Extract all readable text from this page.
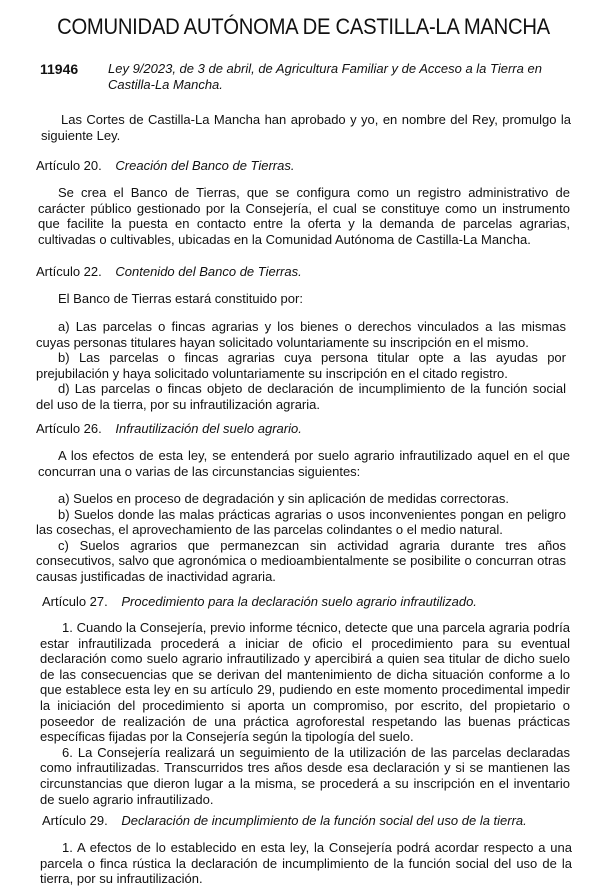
COMUNIDAD AUTÓNOMA DE CASTILLA-LA MANCHA
11946 Ley 9/2023, de 3 de abril, de Agricultura Familiar y de Acceso a la Tierra en Castilla-La Mancha.
Las Cortes de Castilla-La Mancha han aprobado y yo, en nombre del Rey, promulgo la siguiente Ley.
Artículo 20. Creación del Banco de Tierras.
Se crea el Banco de Tierras, que se configura como un registro administrativo de carácter público gestionado por la Consejería, el cual se constituye como un instrumento que facilite la puesta en contacto entre la oferta y la demanda de parcelas agrarias, cultivadas o cultivables, ubicadas en la Comunidad Autónoma de Castilla-La Mancha.
Artículo 22. Contenido del Banco de Tierras.
El Banco de Tierras estará constituido por:
a) Las parcelas o fincas agrarias y los bienes o derechos vinculados a las mismas cuyas personas titulares hayan solicitado voluntariamente su inscripción en el mismo.
b) Las parcelas o fincas agrarias cuya persona titular opte a las ayudas por prejubilación y haya solicitado voluntariamente su inscripción en el citado registro.
d) Las parcelas o fincas objeto de declaración de incumplimiento de la función social del uso de la tierra, por su infrautilización agraria.
Artículo 26. Infrautilización del suelo agrario.
A los efectos de esta ley, se entenderá por suelo agrario infrautilizado aquel en el que concurran una o varias de las circunstancias siguientes:
a) Suelos en proceso de degradación y sin aplicación de medidas correctoras.
b) Suelos donde las malas prácticas agrarias o usos inconvenientes pongan en peligro las cosechas, el aprovechamiento de las parcelas colindantes o el medio natural.
c) Suelos agrarios que permanezcan sin actividad agraria durante tres años consecutivos, salvo que agronómica o medioambientalmente se posibilite o concurran otras causas justificadas de inactividad agraria.
Artículo 27. Procedimiento para la declaración suelo agrario infrautilizado.
1. Cuando la Consejería, previo informe técnico, detecte que una parcela agraria podría estar infrautilizada procederá a iniciar de oficio el procedimiento para su eventual declaración como suelo agrario infrautilizado y apercibirá a quien sea titular de dicho suelo de las consecuencias que se derivan del mantenimiento de dicha situación conforme a lo que establece esta ley en su artículo 29, pudiendo en este momento procedimental impedir la iniciación del procedimiento si aporta un compromiso, por escrito, del propietario o poseedor de realización de una práctica agroforestal respetando las buenas prácticas específicas fijadas por la Consejería según la tipología del suelo.
6. La Consejería realizará un seguimiento de la utilización de las parcelas declaradas como infrautilizadas. Transcurridos tres años desde esa declaración y si se mantienen las circunstancias que dieron lugar a la misma, se procederá a su inscripción en el inventario de suelo agrario infrautilizado.
Artículo 29. Declaración de incumplimiento de la función social del uso de la tierra.
1. A efectos de lo establecido en esta ley, la Consejería podrá acordar respecto a una parcela o finca rústica la declaración de incumplimiento de la función social del uso de la tierra, por su infrautilización.
